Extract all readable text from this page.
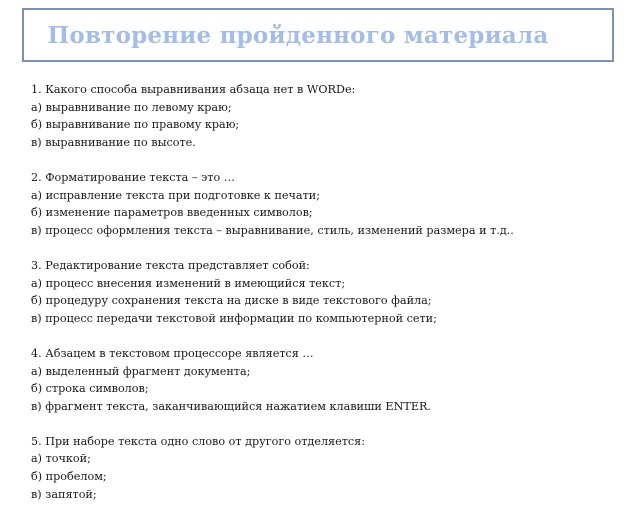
Повторение пройденного материала
1. Какого способа выравнивания абзаца нет в WORDе:
а) выравнивание по левому краю;
б) выравнивание по правому краю;
в) выравнивание по высоте.
2. Форматирование текста – это …
а) исправление текста при подготовке к печати;
б) изменение параметров введенных символов;
в) процесс оформления текста – выравнивание, стиль, изменений размера и т.д..
3. Редактирование текста представляет собой:
а) процесс внесения изменений в имеющийся текст;
б) процедуру сохранения текста на диске в виде текстового файла;
в) процесс передачи текстовой информации по компьютерной сети;
4. Абзацем в текстовом процессоре является …
а) выделенный фрагмент документа;
б) строка символов;
в) фрагмент текста, заканчивающийся нажатием клавиши ENTER.
5. При наборе текста одно слово от другого отделяется:
а) точкой;
б) пробелом;
в) запятой;
